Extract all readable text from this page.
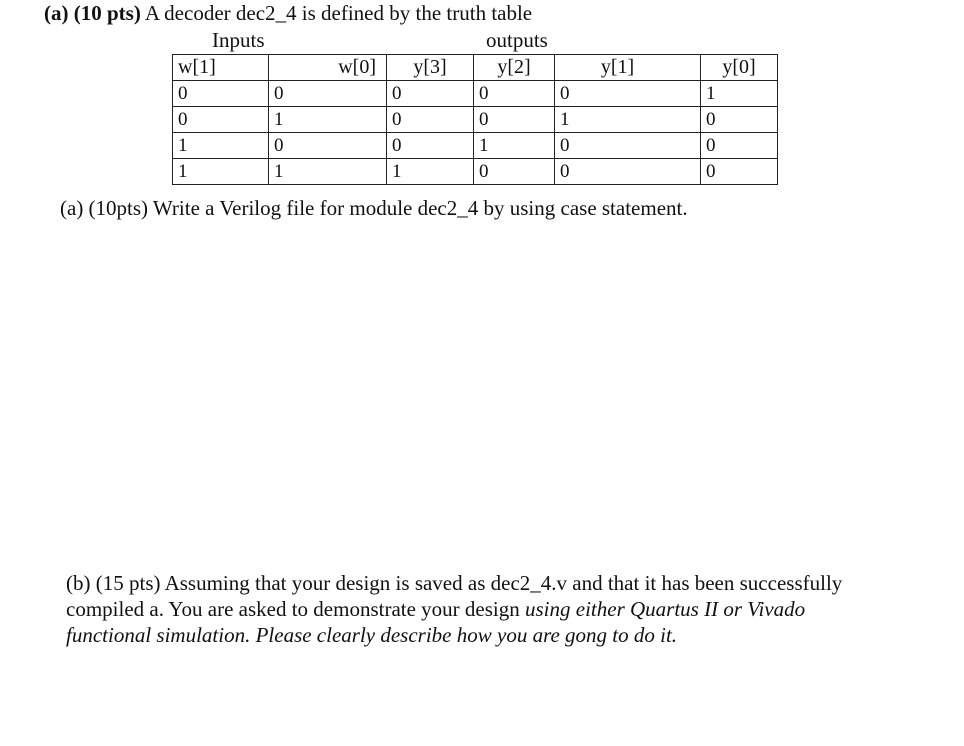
(a) (10 pts) A decoder dec2_4 is defined by the truth table
Inputs	outputs
w[1]	w[0]	y[3]	y[2]	y[1]	y[0]
0	0	0	0	0	1
0	1	0	0	1	0
1	0	0	1	0	0
1	1	1	0	0	0
(a) (10pts) Write a Verilog file for module dec2_4 by using case statement.
(b) (15 pts) Assuming that your design is saved as dec2_4.v and that it has been successfully
compiled a. You are asked to demonstrate your design using either Quartus II or Vivado
functional simulation. Please clearly describe how you are gong to do it.
